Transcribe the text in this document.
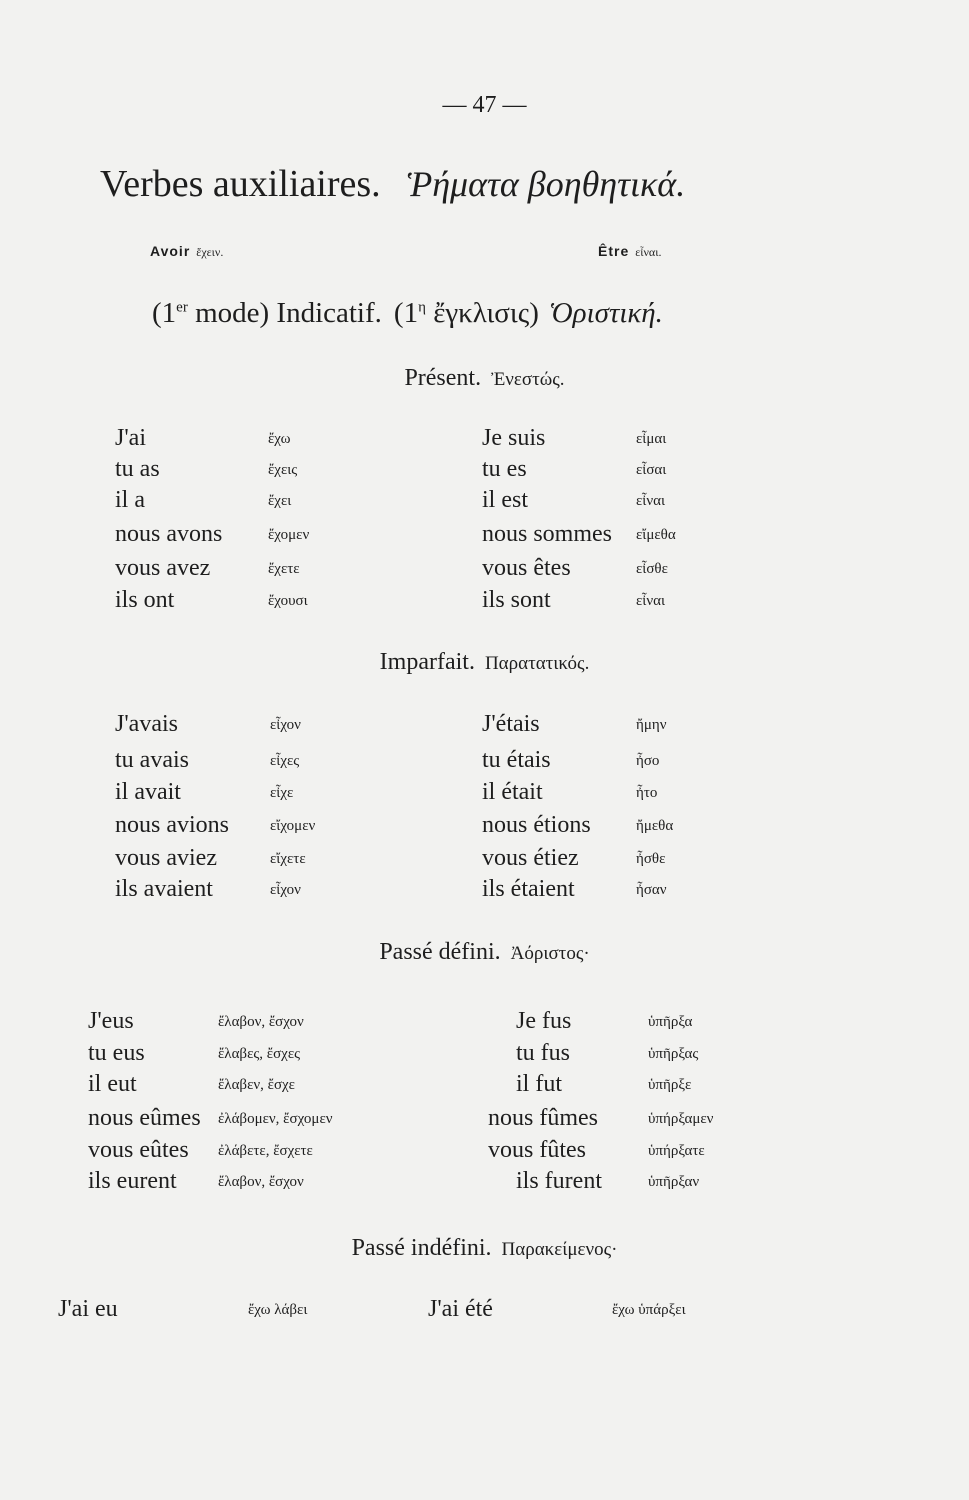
— 47 —
Verbes auxiliaires. Ῥήματα βοηθητικά.
Avoir ἔχειν.	Être εἶναι.
(1er mode) Indicatif. ($1^\eta$ ἔγκλισις) Ὁριστική.
Présent. Ἐνεστώς.
J'ai	ἔχω	Je suis	εἶμαι
tu as	ἔχεις	tu es	εἶσαι
il a	ἔχει	il est	εἶναι
nous avons	ἔχομεν	nous sommes εἴμεθα
vous avez	ἔχετε	vous êtes	εἶσθε
ils ont	ἔχουσι	ils sont	εἶναι
Imparfait. Παρατατικός.
J'avais	εἶχον	J'étais	ἤμην
tu avais	εἶχες	tu étais	ἦσο
il avait	εἶχε	il était	ἦτο
nous avions	εἴχομεν	nous étions	ἤμεθα
vous aviez	εἴχετε	vous étiez	ἦσθε
ils avaient	εἶχον	ils étaient	ἦσαν
Passé défini. Ἀόριστος·
J'eus	ἔλαβον, ἔσχον	Je fus	ὑπῆρξα
tu eus	ἔλαβες, ἔσχες	tu fus	ὑπῆρξας
il eut	ἔλαβεν, ἔσχε	il fut	ὑπῆρξε
nous eûmes ἐλάβομεν, ἔσχομεν	nous fûmes	ὑπήρξαμεν
vous eûtes ἐλάβετε, ἔσχετε	vous fûtes	ὑπήρξατε
ils eurent	ἔλαβον, ἔσχον	ils furent	ὑπῆρξαν
Passé indéfini. Παρακείμενος·
J'ai eu	ἔχω λάβει	J'ai été	ἔχω ὑπάρξει
